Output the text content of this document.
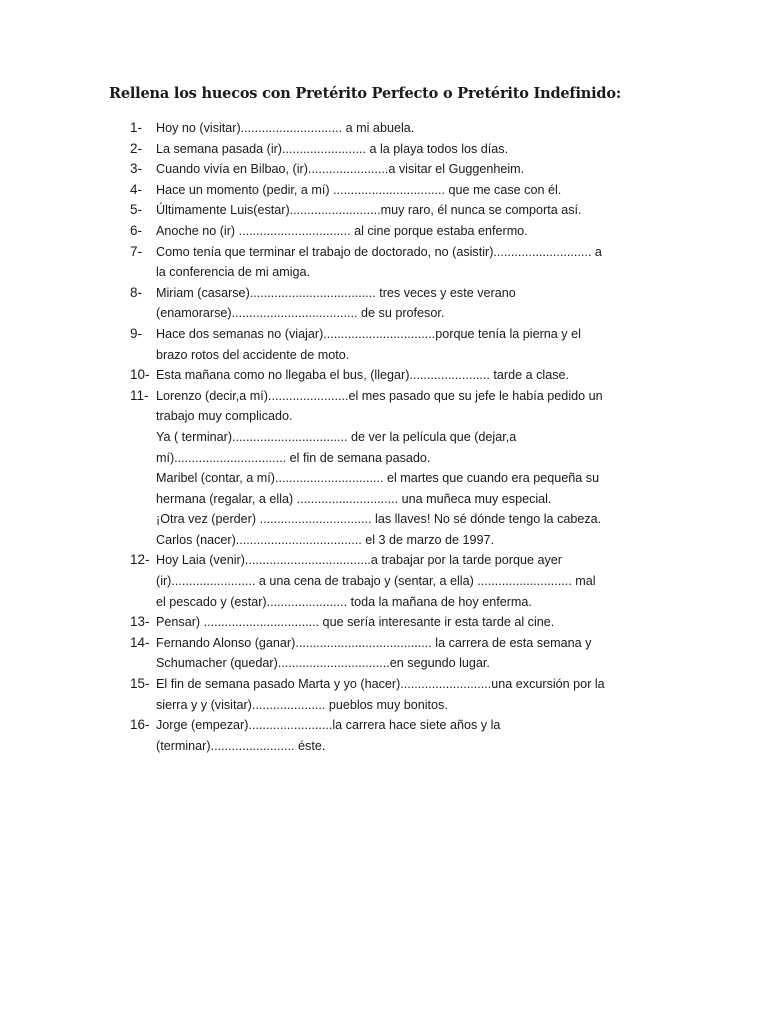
Rellena los huecos con Pretérito Perfecto o Pretérito Indefinido:
1- Hoy no (visitar)............................. a mi abuela.
2- La semana pasada (ir)........................ a la playa todos los días.
3- Cuando vivía en Bilbao, (ir).......................a visitar el Guggenheim.
4- Hace un momento (pedir, a mí) ................................ que me case con él.
5- Últimamente Luis(estar)..........................muy raro, él nunca se comporta así.
6- Anoche no (ir) ................................ al cine porque estaba enfermo.
7- Como tenía que terminar el trabajo de doctorado, no (asistir)............................ a
la conferencia de mi amiga.
8- Miriam (casarse).................................... tres veces y este verano
(enamorarse).................................... de su profesor.
9- Hace dos semanas no (viajar)................................porque tenía la pierna y el
brazo rotos del accidente de moto.
10- Esta mañana como no llegaba el bus, (llegar)....................... tarde a clase.
11- Lorenzo (decir,a mí).......................el mes pasado que su jefe le había pedido un
trabajo muy complicado.
Ya ( terminar)................................. de ver la película que (dejar,a
mí)................................ el fin de semana pasado.
Maribel (contar, a mí)............................... el martes que cuando era pequeña su
hermana (regalar, a ella) ............................. una muñeca muy especial.
¡Otra vez (perder) ................................ las llaves! No sé dónde tengo la cabeza.
Carlos (nacer).................................... el 3 de marzo de 1997.
12- Hoy Laia (venir)....................................a trabajar por la tarde porque ayer
(ir)........................ a una cena de trabajo y (sentar, a ella) ........................... mal
el pescado y (estar)....................... toda la mañana de hoy enferma.
13- Pensar) ................................. que sería interesante ir esta tarde al cine.
14- Fernando Alonso (ganar)....................................... la carrera de esta semana y
Schumacher (quedar)................................en segundo lugar.
15- El fin de semana pasado Marta y yo (hacer)..........................una excursión por la
sierra y y (visitar)..................... pueblos muy bonitos.
16- Jorge (empezar)........................la carrera hace siete años y la
(terminar)........................ éste.
